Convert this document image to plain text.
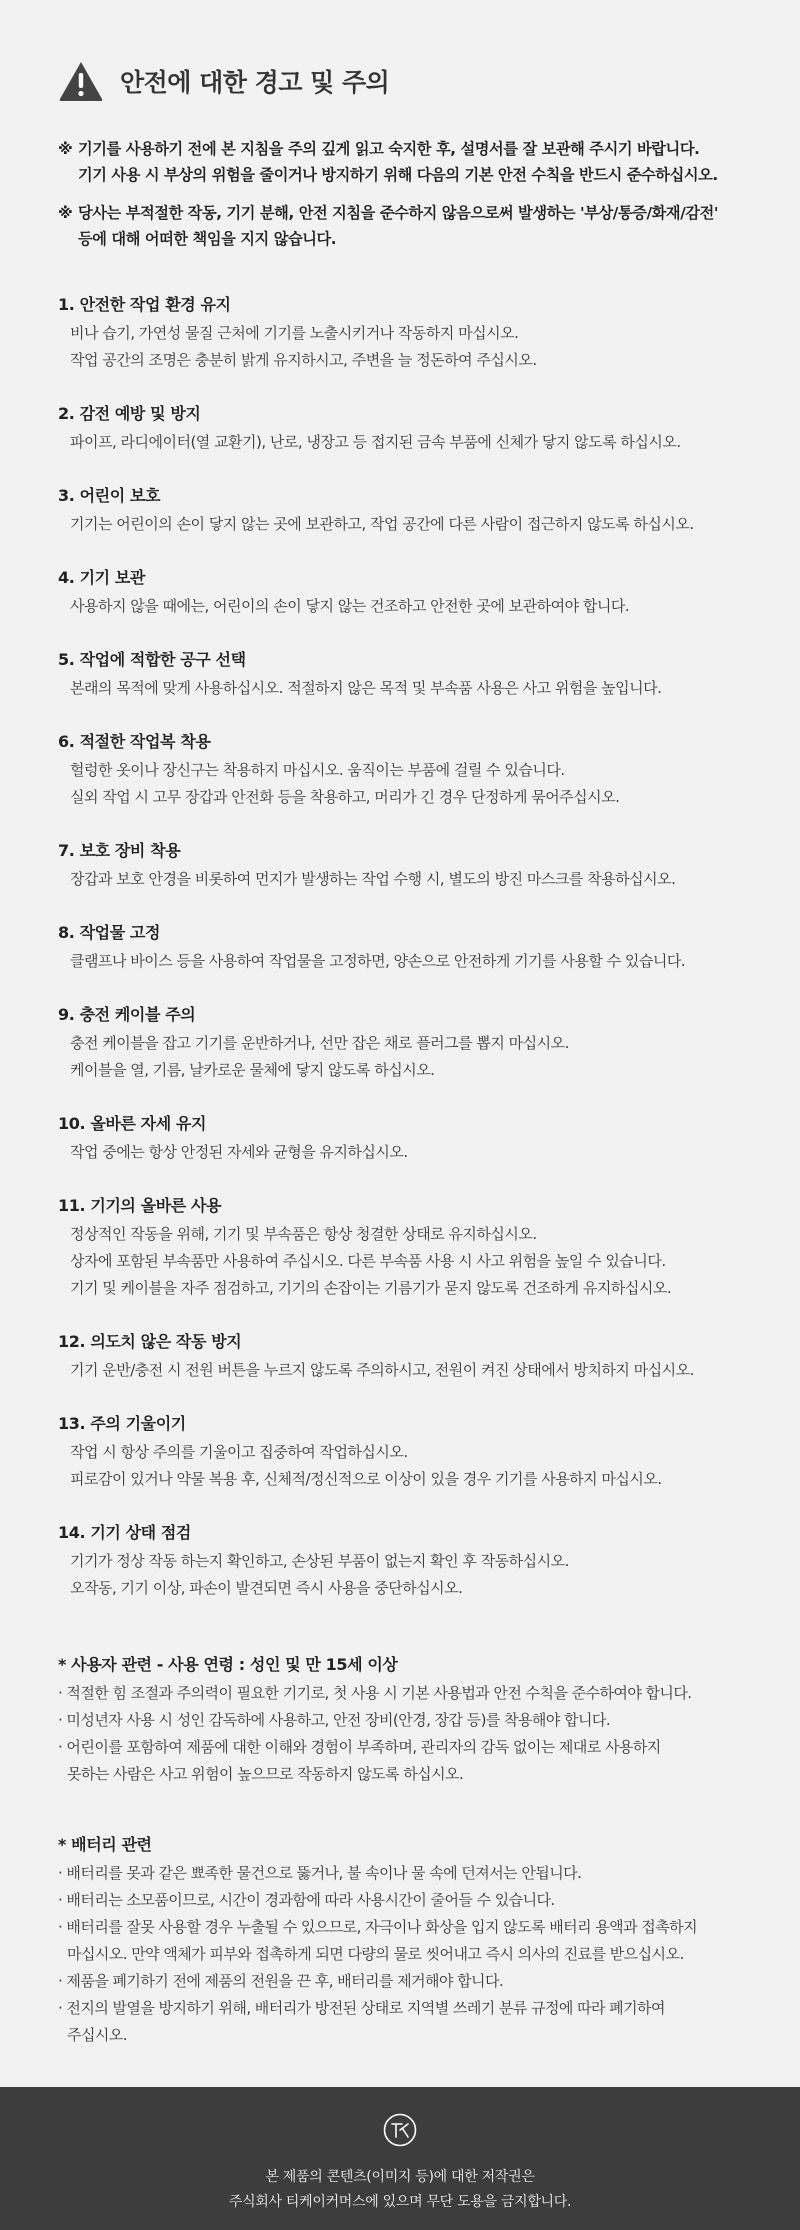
안전에 대한 경고 및 주의
※ 기기를 사용하기 전에 본 지침을 주의 깊게 읽고 숙지한 후, 설명서를 잘 보관해 주시기 바랍니다.
기기 사용 시 부상의 위험을 줄이거나 방지하기 위해 다음의 기본 안전 수칙을 반드시 준수하십시오.
※ 당사는 부적절한 작동, 기기 분해, 안전 지침을 준수하지 않음으로써 발생하는 '부상/통증/화재/감전'
등에 대해 어떠한 책임을 지지 않습니다.
1. 안전한 작업 환경 유지
비나 습기, 가연성 물질 근처에 기기를 노출시키거나 작동하지 마십시오.
작업 공간의 조명은 충분히 밝게 유지하시고, 주변을 늘 정돈하여 주십시오.
2. 감전 예방 및 방지
파이프, 라디에이터(열 교환기), 난로, 냉장고 등 접지된 금속 부품에 신체가 닿지 않도록 하십시오.
3. 어린이 보호
기기는 어린이의 손이 닿지 않는 곳에 보관하고, 작업 공간에 다른 사람이 접근하지 않도록 하십시오.
4. 기기 보관
사용하지 않을 때에는, 어린이의 손이 닿지 않는 건조하고 안전한 곳에 보관하여야 합니다.
5. 작업에 적합한 공구 선택
본래의 목적에 맞게 사용하십시오. 적절하지 않은 목적 및 부속품 사용은 사고 위험을 높입니다.
6. 적절한 작업복 착용
헐렁한 옷이나 장신구는 착용하지 마십시오. 움직이는 부품에 걸릴 수 있습니다.
실외 작업 시 고무 장갑과 안전화 등을 착용하고, 머리가 긴 경우 단정하게 묶어주십시오.
7. 보호 장비 착용
장갑과 보호 안경을 비롯하여 먼지가 발생하는 작업 수행 시, 별도의 방진 마스크를 착용하십시오.
8. 작업물 고정
클램프나 바이스 등을 사용하여 작업물을 고정하면, 양손으로 안전하게 기기를 사용할 수 있습니다.
9. 충전 케이블 주의
충전 케이블을 잡고 기기를 운반하거나, 선만 잡은 채로 플러그를 뽑지 마십시오.
케이블을 열, 기름, 날카로운 물체에 닿지 않도록 하십시오.
10. 올바른 자세 유지
작업 중에는 항상 안정된 자세와 균형을 유지하십시오.
11. 기기의 올바른 사용
정상적인 작동을 위해, 기기 및 부속품은 항상 청결한 상태로 유지하십시오.
상자에 포함된 부속품만 사용하여 주십시오. 다른 부속품 사용 시 사고 위험을 높일 수 있습니다.
기기 및 케이블을 자주 점검하고, 기기의 손잡이는 기름기가 묻지 않도록 건조하게 유지하십시오.
12. 의도치 않은 작동 방지
기기 운반/충전 시 전원 버튼을 누르지 않도록 주의하시고, 전원이 켜진 상태에서 방치하지 마십시오.
13. 주의 기울이기
작업 시 항상 주의를 기울이고 집중하여 작업하십시오.
피로감이 있거나 약물 복용 후, 신체적/정신적으로 이상이 있을 경우 기기를 사용하지 마십시오.
14. 기기 상태 점검
기기가 정상 작동 하는지 확인하고, 손상된 부품이 없는지 확인 후 작동하십시오.
오작동, 기기 이상, 파손이 발견되면 즉시 사용을 중단하십시오.
* 사용자 관련 - 사용 연령 : 성인 및 만 15세 이상
· 적절한 힘 조절과 주의력이 필요한 기기로, 첫 사용 시 기본 사용법과 안전 수칙을 준수하여야 합니다.
· 미성년자 사용 시 성인 감독하에 사용하고, 안전 장비(안경, 장갑 등)를 착용해야 합니다.
· 어린이를 포함하여 제품에 대한 이해와 경험이 부족하며, 관리자의 감독 없이는 제대로 사용하지
못하는 사람은 사고 위험이 높으므로 작동하지 않도록 하십시오.
* 배터리 관련
· 배터리를 못과 같은 뾰족한 물건으로 뚫거나, 불 속이나 물 속에 던져서는 안됩니다.
· 배터리는 소모품이므로, 시간이 경과함에 따라 사용시간이 줄어들 수 있습니다.
· 배터리를 잘못 사용할 경우 누출될 수 있으므로, 자극이나 화상을 입지 않도록 배터리 용액과 접촉하지
마십시오. 만약 액체가 피부와 접촉하게 되면 다량의 물로 씻어내고 즉시 의사의 진료를 받으십시오.
· 제품을 폐기하기 전에 제품의 전원을 끈 후, 배터리를 제거해야 합니다.
· 전지의 발열을 방지하기 위해, 배터리가 방전된 상태로 지역별 쓰레기 분류 규정에 따라 폐기하여
주십시오.
본 제품의 콘텐츠(이미지 등)에 대한 저작권은
주식회사 티케이커머스에 있으며 무단 도용을 금지합니다.
